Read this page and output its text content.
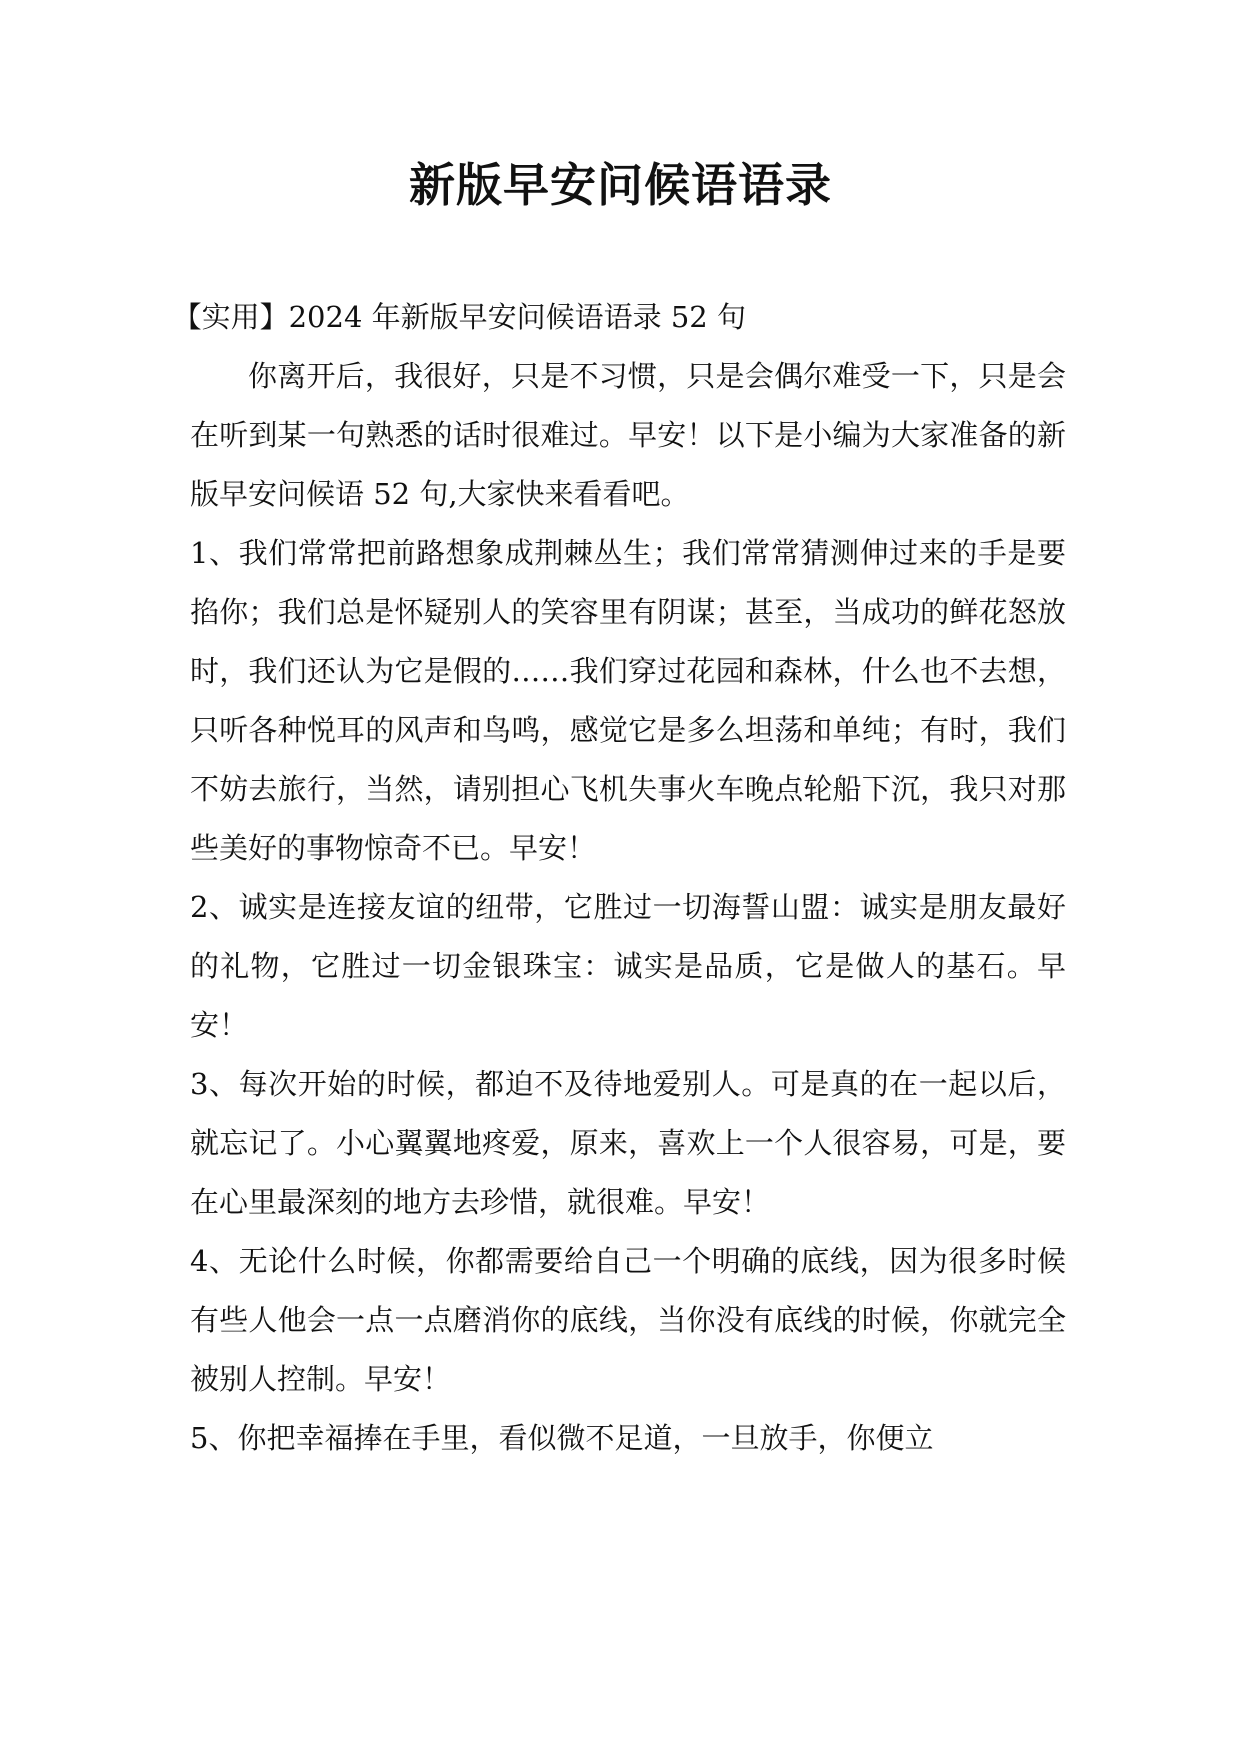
新版早安问候语语录

【实用】2024 年新版早安问候语语录 52 句

你离开后，我很好，只是不习惯，只是会偶尔难受一下，只是会在听到某一句熟悉的话时很难过。早安！以下是小编为大家准备的新版早安问候语 52 句,大家快来看看吧。

1、我们常常把前路想象成荆棘丛生；我们常常猜测伸过来的手是要掐你；我们总是怀疑别人的笑容里有阴谋；甚至，当成功的鲜花怒放时，我们还认为它是假的……我们穿过花园和森林，什么也不去想，只听各种悦耳的风声和鸟鸣，感觉它是多么坦荡和单纯；有时，我们不妨去旅行，当然，请别担心飞机失事火车晚点轮船下沉，我只对那些美好的事物惊奇不已。早安！

2、诚实是连接友谊的纽带，它胜过一切海誓山盟：诚实是朋友最好的礼物，它胜过一切金银珠宝：诚实是品质，它是做人的基石。早安！

3、每次开始的时候，都迫不及待地爱别人。可是真的在一起以后，就忘记了。小心翼翼地疼爱，原来，喜欢上一个人很容易，可是，要在心里最深刻的地方去珍惜，就很难。早安！

4、无论什么时候，你都需要给自己一个明确的底线，因为很多时候有些人他会一点一点磨消你的底线，当你没有底线的时候，你就完全被别人控制。早安！

5、你把幸福捧在手里，看似微不足道，一旦放手，你便立
